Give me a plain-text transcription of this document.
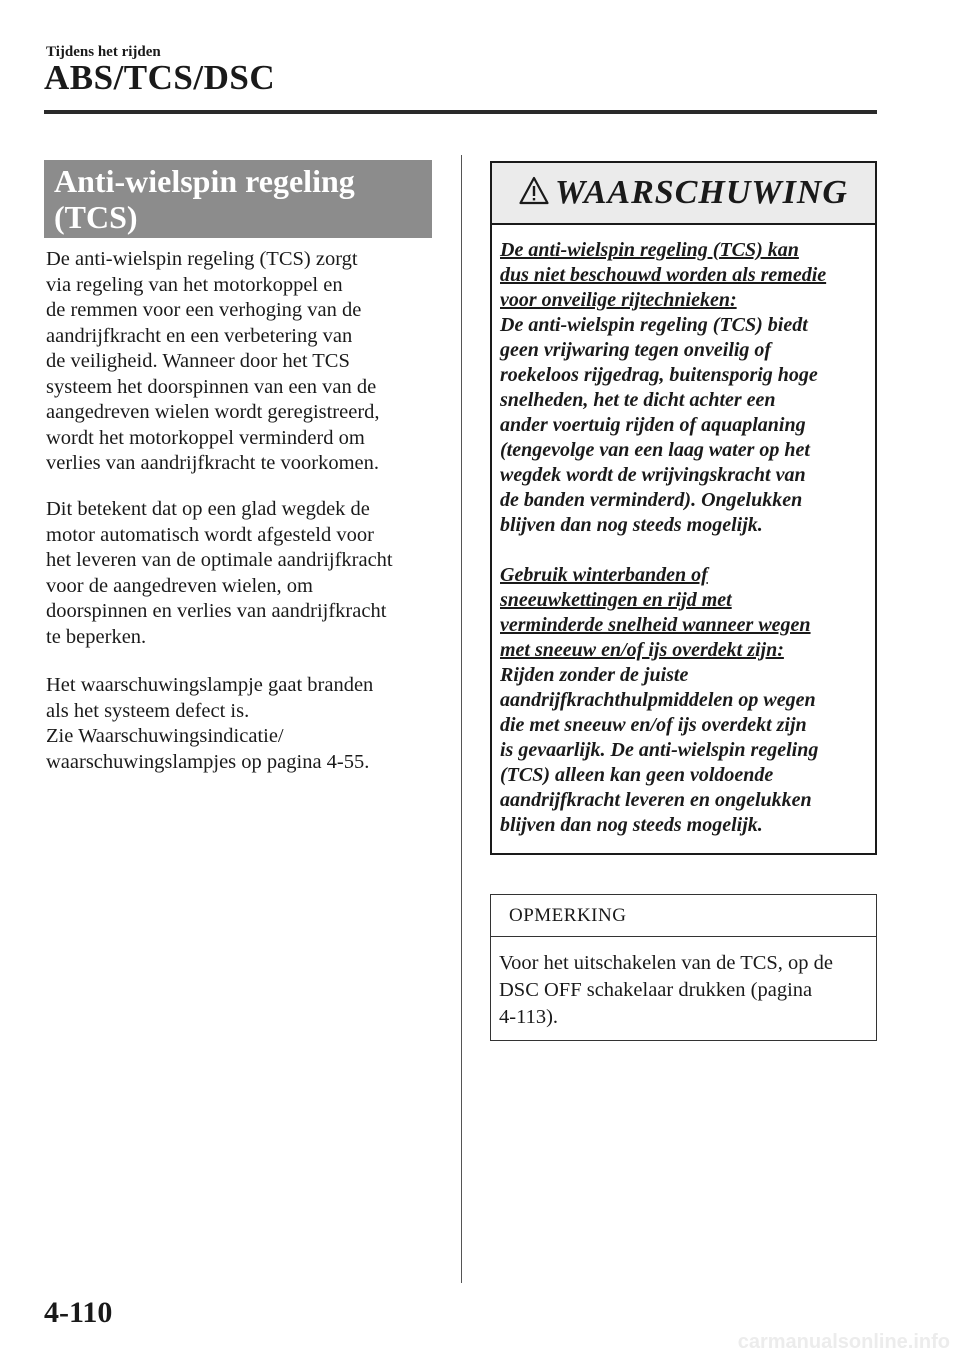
Tijdens het rijden
ABS/TCS/DSC
Anti-wielspin regeling
(TCS)

De anti-wielspin regeling (TCS) zorgt

via regeling van het motorkoppel en

de remmen voor een verhoging van de

aandrijfkracht en een verbetering van

de veiligheid. Wanneer door het TCS

systeem het doorspinnen van een van de

aangedreven wielen wordt geregistreerd,

wordt het motorkoppel verminderd om

verlies van aandrijfkracht te voorkomen.

Dit betekent dat op een glad wegdek de

motor automatisch wordt afgesteld voor

het leveren van de optimale aandrijfkracht

voor de aangedreven wielen, om

doorspinnen en verlies van aandrijfkracht

te beperken.

Het waarschuwingslampje gaat branden

als het systeem defect is.

Zie Waarschuwingsindicatie/

waarschuwingslampjes op pagina 4-55.

WAARSCHUWING

De anti-wielspin regeling (TCS) kan

dus niet beschouwd worden als remedie

voor onveilige rijtechnieken:

De anti-wielspin regeling (TCS) biedt

geen vrijwaring tegen onveilig of

roekeloos rijgedrag, buitensporig hoge

snelheden, het te dicht achter een

ander voertuig rijden of aquaplaning

(tengevolge van een laag water op het

wegdek wordt de wrijvingskracht van

de banden verminderd). Ongelukken

blijven dan nog steeds mogelijk.

Gebruik winterbanden of

sneeuwkettingen en rijd met

verminderde snelheid wanneer wegen

met sneeuw en/of ijs overdekt zijn:

Rijden zonder de juiste

aandrijfkrachthulpmiddelen op wegen

die met sneeuw en/of ijs overdekt zijn

is gevaarlijk. De anti-wielspin regeling

(TCS) alleen kan geen voldoende

aandrijfkracht leveren en ongelukken

blijven dan nog steeds mogelijk.

OPMERKING
Voor het uitschakelen van de TCS, op de
DSC OFF schakelaar drukken (pagina
4-113).
4-110
carmanualsonline.info
